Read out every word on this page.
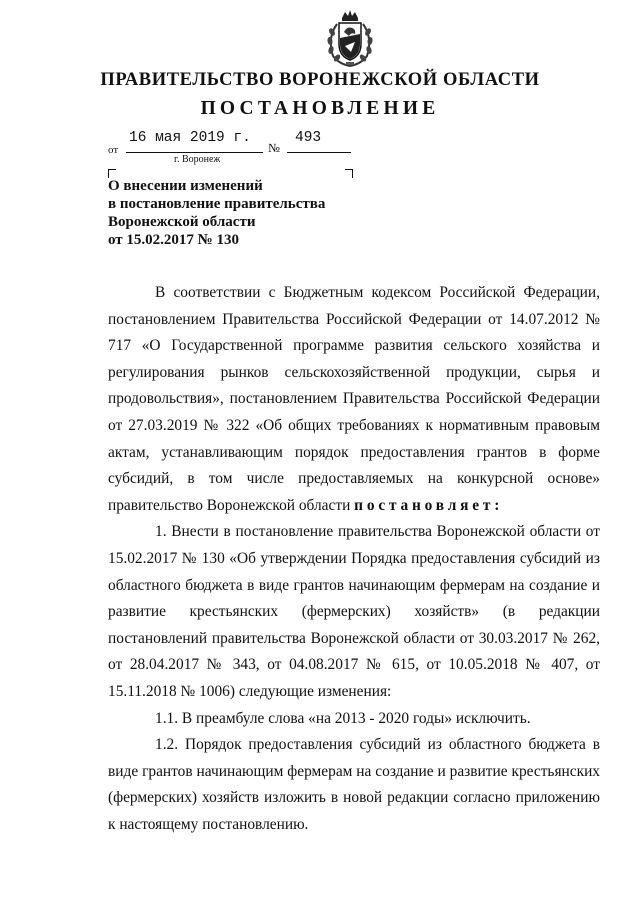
ПРАВИТЕЛЬСТВО ВОРОНЕЖСКОЙ ОБЛАСТИ
ПОСТАНОВЛЕНИЕ
от
16 мая 2019 г.
№
493
г. Воронеж
О внесении изменений
в постановление правительства
Воронежской области
от 15.02.2017 № 130

В соответствии с Бюджетным кодексом Российской Федерации, постановлением Правительства Российской Федерации от 14.07.2012 № 717 «О Государственной программе развития сельского хозяйства и регулирования рынков сельскохозяйственной продукции, сырья и продовольствия», постановлением Правительства Российской Федерации от 27.03.2019 № 322 «Об общих требованиях к нормативным правовым актам, устанавливающим порядок предоставления грантов в форме субсидий, в том числе предоставляемых на конкурсной основе» правительство Воронежской области постановляет:

1. Внести в постановление правительства Воронежской области от 15.02.2017 № 130 «Об утверждении Порядка предоставления субсидий из областного бюджета в виде грантов начинающим фермерам на создание и развитие крестьянских (фермерских) хозяйств» (в редакции постановлений правительства Воронежской области от 30.03.2017 № 262, от 28.04.2017 № 343, от 04.08.2017 № 615, от 10.05.2018 № 407, от 15.11.2018 № 1006) следующие изменения:

1.1. В преамбуле слова «на 2013 - 2020 годы» исключить.

1.2. Порядок предоставления субсидий из областного бюджета в виде грантов начинающим фермерам на создание и развитие крестьянских (фермерских) хозяйств изложить в новой редакции согласно приложению к настоящему постановлению.
